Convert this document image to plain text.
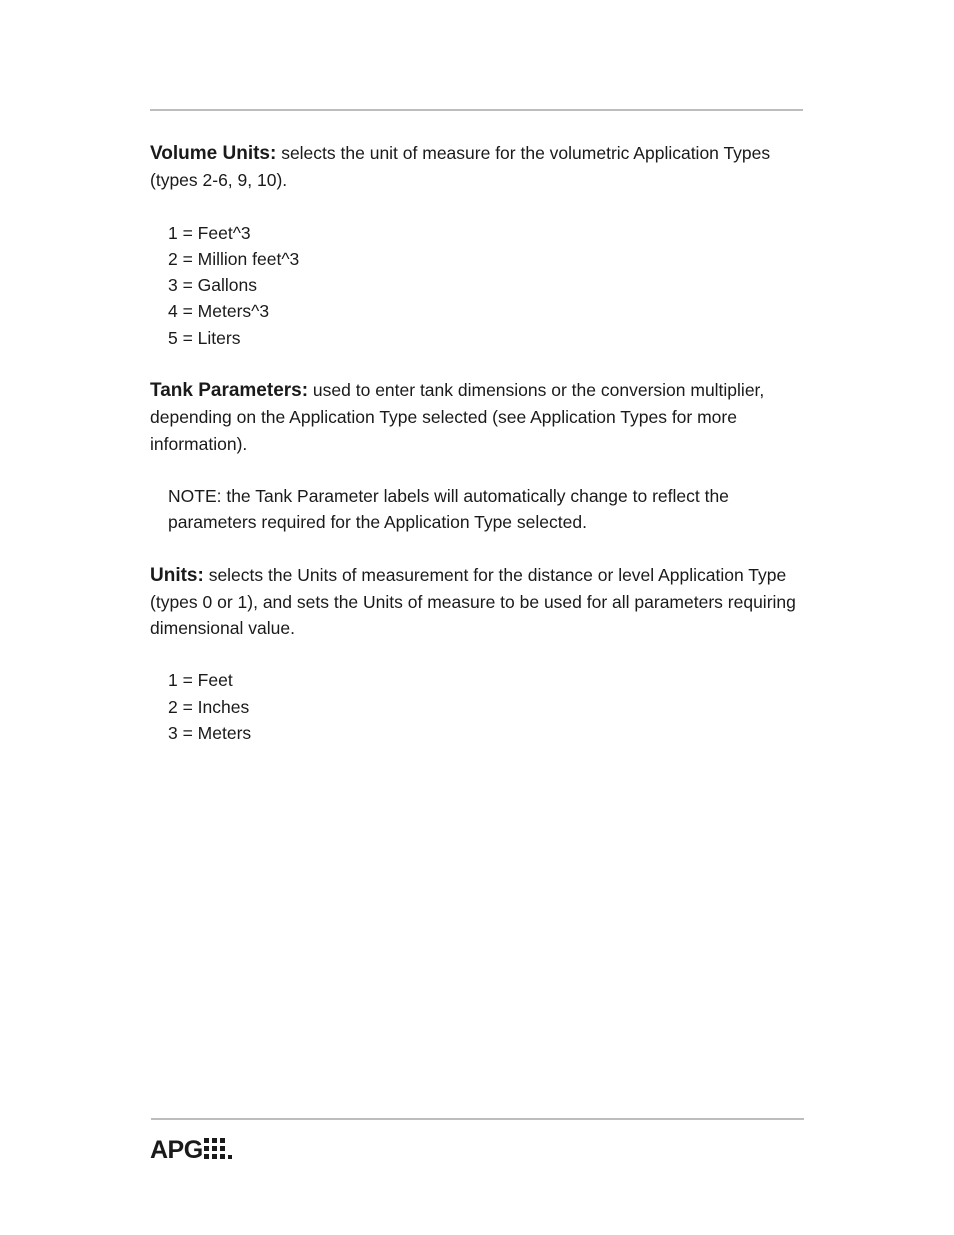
Volume Units: selects the unit of measure for the volumetric Application Types (types 2-6, 9, 10).

1 = Feet^3
2 = Million feet^3
3 = Gallons
4 = Meters^3
5 = Liters

Tank Parameters: used to enter tank dimensions or the conversion multiplier, depending on the Application Type selected (see Application Types for more information).

NOTE: the Tank Parameter labels will automatically change to reflect the parameters required for the Application Type selected.

Units: selects the Units of measurement for the distance or level Application Type (types 0 or 1), and sets the Units of measure to be used for all parameters requiring dimensional value.

1 = Feet
2 = Inches
3 = Meters
APG
